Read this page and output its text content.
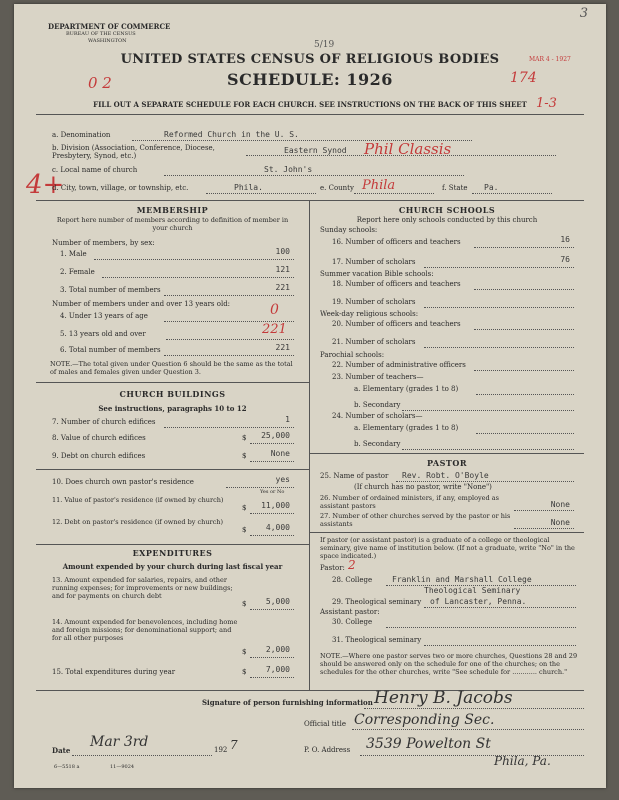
DEPARTMENT OF COMMERCE
BUREAU OF THE CENSUS
WASHINGTON
3
5/19
MAR 4 - 1927
UNITED STATES CENSUS OF RELIGIOUS BODIES
SCHEDULE: 1926
0 2	174
1-3
FILL OUT A SEPARATE SCHEDULE FOR EACH CHURCH. SEE INSTRUCTIONS ON THE BACK OF THIS SHEET
4+
a. Denomination	Reformed Church in the U. S.
b. Division (Association, Conference, Diocese, Presbytery, Synod, etc.)
Eastern Synod Phil Classis
c. Local name of church	St. John's
d. City, town, village, or township, etc.	Phila.	e. County Phila	f. State Pa.
MEMBERSHIP
Report here number of members according to definition of member in your church
Number of members, by sex:
1. Male	100
2. Female	121
3. Total number of members	221
Number of members under and over 13 years old:
4. Under 13 years of age	0
5. 13 years old and over	221
6. Total number of members	221
NOTE.—The total given under Question 6 should be the same as the total of males and females given under Question 3.
CHURCH BUILDINGS
See instructions, paragraphs 10 to 12
7. Number of church edifices	1
8. Value of church edifices	$	25,000
9. Debt on church edifices	$	None
10. Does church own pastor's residence	yes
Yes or No
11. Value of pastor's residence (if owned by church)
$	11,000
12. Debt on pastor's residence (if owned by church)
$	4,000
EXPENDITURES
Amount expended by your church during last fiscal year
13. Amount expended for salaries, repairs, and other running expenses; for improvements or new buildings; and for payments on church debt
$	5,000
14. Amount expended for benevolences, including home and foreign missions; for denominational support; and for all other purposes
$	2,000
15. Total expenditures during year	$	7,000
CHURCH SCHOOLS
Report here only schools conducted by this church
Sunday schools:
16. Number of officers and teachers	16
17. Number of scholars	76
Summer vacation Bible schools:
18. Number of officers and teachers
19. Number of scholars
Week-day religious schools:
20. Number of officers and teachers
21. Number of scholars
Parochial schools:
22. Number of administrative officers
23. Number of teachers—
a. Elementary (grades 1 to 8)
b. Secondary
24. Number of scholars—
a. Elementary (grades 1 to 8)
b. Secondary
PASTOR
25. Name of pastor Rev. Robt. O'Boyle
(If church has no pastor, write "None")
26. Number of ordained ministers, if any, employed as assistant pastors	None
27. Number of other churches served by the pastor or his assistants	None
If pastor (or assistant pastor) is a graduate of a college or theological seminary, give name of institution below. (If not a graduate, write "No" in the space indicated.)
Pastor: 2
28. College Franklin and Marshall College
Theological Seminary
29. Theological seminary of Lancaster, Penna.
Assistant pastor:
30. College
31. Theological seminary
NOTE.—Where one pastor serves two or more churches, Questions 28 and 29 should be answered only on the schedule for one of the churches; on the schedules for the other churches, write "See schedule for ............ church."
Signature of person furnishing information Henry B. Jacobs
Official title Corresponding Sec.
Date
Mar 3rd	192 7	P. O. Address 3539 Powelton St
Phila, Pa.
6—5518 a	11—9024
